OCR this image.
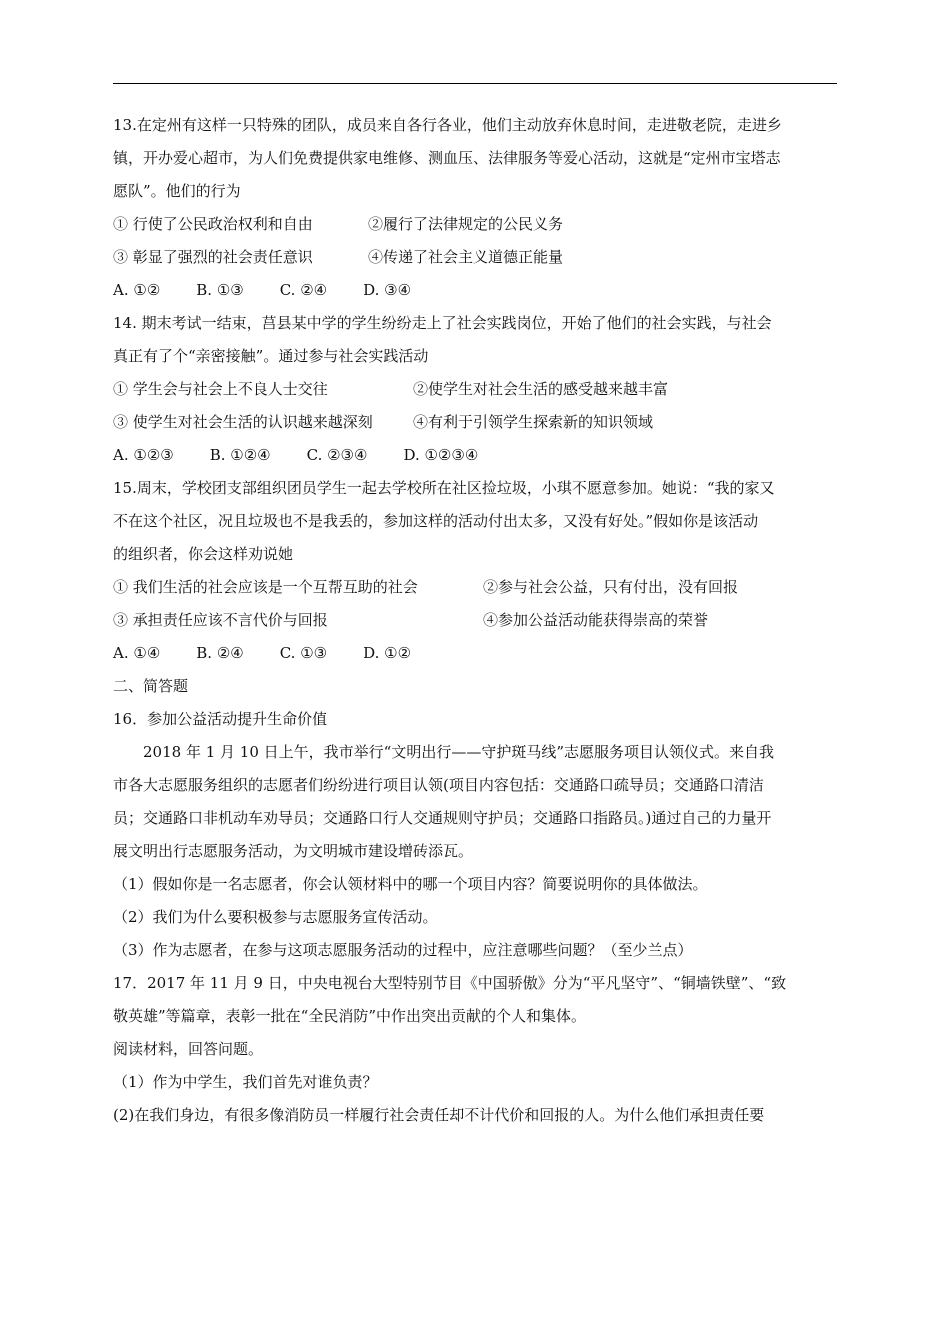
13.在定州有这样一只特殊的团队，成员来自各行各业，他们主动放弃休息时间，走进敬老院，走进乡
镇，开办爱心超市，为人们免费提供家电维修、测血压、法律服务等爱心活动，这就是“定州市宝塔志
愿队”。他们的行为
① 行使了公民政治权利和自由	②履行了法律规定的公民义务
③ 彰显了强烈的社会责任意识	④传递了社会主义道德正能量
A. ①② B. ①③ C. ②④ D. ③④
14. 期末考试一结束，莒县某中学的学生纷纷走上了社会实践岗位，开始了他们的社会实践，与社会
真正有了个“亲密接触”。通过参与社会实践活动
① 学生会与社会上不良人士交往	②使学生对社会生活的感受越来越丰富
③ 使学生对社会生活的认识越来越深刻	④有利于引领学生探索新的知识领域
A. ①②③ B. ①②④ C. ②③④ D. ①②③④
15.周末，学校团支部组织团员学生一起去学校所在社区捡垃圾，小琪不愿意参加。她说：“我的家又
不在这个社区，况且垃圾也不是我丢的，参加这样的活动付出太多，又没有好处。”假如你是该活动
的组织者，你会这样劝说她
① 我们生活的社会应该是一个互帮互助的社会	②参与社会公益，只有付出，没有回报
③ 承担责任应该不言代价与回报	④参加公益活动能获得崇高的荣誉
A. ①④ B. ②④ C. ①③ D. ①②
二、简答题
16．参加公益活动提升生命价值
2018 年 1 月 10 日上午，我市举行“文明出行——守护斑马线”志愿服务项目认领仪式。来自我
市各大志愿服务组织的志愿者们纷纷进行项目认领(项目内容包括：交通路口疏导员；交通路口清洁
员；交通路口非机动车劝导员；交通路口行人交通规则守护员；交通路口指路员。)通过自己的力量开
展文明出行志愿服务活动，为文明城市建设增砖添瓦。
（1）假如你是一名志愿者，你会认领材料中的哪一个项目内容？简要说明你的具体做法。
（2）我们为什么要积极参与志愿服务宣传活动。
（3）作为志愿者，在参与这项志愿服务活动的过程中，应注意哪些问题？（至少兰点）
17．2017 年 11 月 9 日，中央电视台大型特别节目《中国骄傲》分为“平凡坚守”、“铜墙铁壁”、“致
敬英雄”等篇章，表彰一批在“全民消防”中作出突出贡献的个人和集体。
阅读材料，回答问题。
（1）作为中学生，我们首先对谁负责？
(2)在我们身边，有很多像消防员一样履行社会责任却不计代价和回报的人。为什么他们承担责任要
